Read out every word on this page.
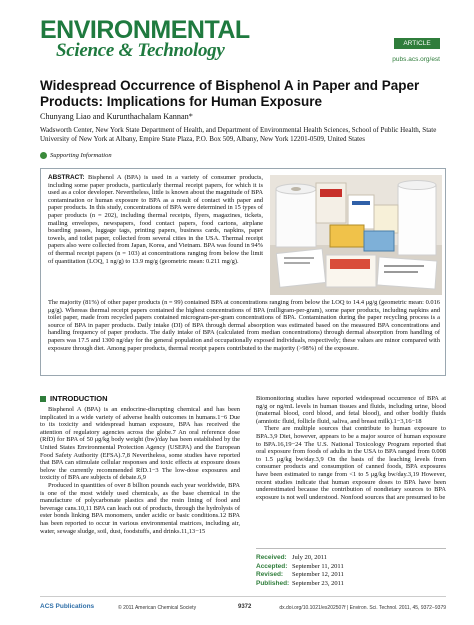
ENVIRONMENTAL
Science & Technology	ARTICLE
pubs.acs.org/est
Widespread Occurrence of Bisphenol A in Paper and Paper Products: Implications for Human Exposure
Chunyang Liao and Kurunthachalam Kannan*
Wadsworth Center, New York State Department of Health, and Department of Environmental Health Sciences, School of Public Health, State University of New York at Albany, Empire State Plaza, P.O. Box 509, Albany, New York 12201-0509, United States
Supporting Information
ABSTRACT: Bisphenol A (BPA) is used in a variety of consumer products, including some paper products, particularly thermal receipt papers, for which it is used as a color developer. Nevertheless, little is known about the magnitude of BPA contamination or human exposure to BPA as a result of contact with paper and paper products. In this study, concentrations of BPA were determined in 15 types of paper products (n = 202), including thermal receipts, flyers, magazines, tickets, mailing envelopes, newspapers, food contact papers, food cartons, airplane boarding passes, luggage tags, printing papers, business cards, napkins, paper towels, and toilet paper, collected from several cities in the USA. Thermal receipt papers also were collected from Japan, Korea, and Vietnam. BPA was found in 94% of thermal receipt papers (n = 103) at concentrations ranging from below the limit of quantitation (LOQ, 1 ng/g) to 13.9 mg/g (geometric mean: 0.211 mg/g).
The majority (81%) of other paper products (n = 99) contained BPA at concentrations ranging from below the LOQ to 14.4 μg/g (geometric mean: 0.016 μg/g). Whereas thermal receipt papers contained the highest concentrations of BPA (milligram-per-gram), some paper products, including napkins and toilet paper, made from recycled papers contained microgram-per-gram concentrations of BPA. Contamination during the paper recycling process is a source of BPA in paper products. Daily intake (DI) of BPA through dermal absorption was estimated based on the measured BPA concentrations and handling frequency of paper products. The daily intake of BPA (calculated from median concentrations) through dermal absorption from handling of papers was 17.5 and 1300 ng/day for the general population and occupationally exposed individuals, respectively; these values are minor compared with exposure through diet. Among paper products, thermal receipt papers contributed to the majority (>98%) of the exposure.
INTRODUCTION

Bisphenol A (BPA) is an endocrine-disrupting chemical and has been implicated in a wide variety of adverse health outcomes in humans.1−6 Due to its toxicity and widespread human exposure, BPA has received the attention of regulatory agencies across the globe.7 An oral reference dose (RfD) for BPA of 50 μg/kg body weight (bw)/day has been established by the United States Environmental Protection Agency (USEPA) and the European Food Safety Authority (EFSA).7,8 Nevertheless, some studies have reported that BPA can stimulate cellular responses and toxic effects at exposure doses below the currently recommended RfD.1−3 The low-dose exposures and toxicity of BPA are subjects of debate.6,9

Produced in quantities of over 8 billion pounds each year worldwide, BPA is one of the most widely used chemicals, as the base chemical in the manufacture of polycarbonate plastics and the resin lining of food and beverage cans.10,11 BPA can leach out of products, through the hydrolysis of ester bonds linking BPA monomers, under acidic or basic conditions.12 BPA has been reported to occur in various environmental matrices, including air, water, sewage sludge, soil, dust, foodstuffs, and drinks.11,13−15

Biomonitoring studies have reported widespread occurrence of BPA at ng/g or ng/mL levels in human tissues and fluids, including urine, blood (maternal blood, cord blood, and fetal blood), and other bodily fluids (amniotic fluid, follicle fluid, saliva, and breast milk).1−3,16−18

There are multiple sources that contribute to human exposure to BPA.3,9 Diet, however, appears to be a major source of human exposure to BPA.16,19−24 The U.S. National Toxicology Program reported that oral exposure from foods of adults in the USA to BPA ranged from 0.008 to 1.5 μg/kg bw/day.3,9 On the basis of the leaching levels from consumer products and consumption of canned foods, BPA exposures have been estimated to range from <1 to 5 μg/kg bw/day.3,19 However, recent studies indicate that human exposure doses to BPA have been underestimated because the contribution of nondietary sources to BPA exposure is not well understood. Nonfood sources that are presumed to be

Received: July 20, 2011
Accepted: September 11, 2011
Revised:	September 12, 2011
Published: September 23, 2011
ACS Publications	© 2011 American Chemical Society	9372	dx.doi.org/10.1021/es202507f | Environ. Sci. Technol. 2011, 45, 9372−9379
